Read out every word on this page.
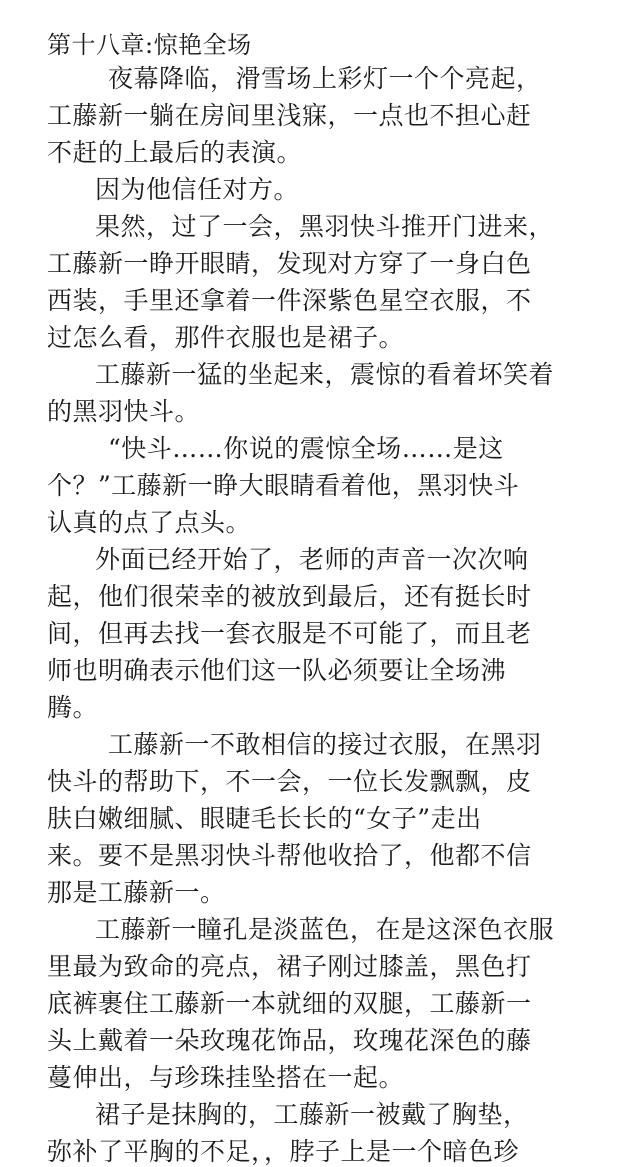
第十八章:惊艳全场
夜幕降临，滑雪场上彩灯一个个亮起，
工藤新一躺在房间里浅寐，一点也不担心赶
不赶的上最后的表演。
因为他信任对方。
果然，过了一会，黑羽快斗推开门进来，
工藤新一睁开眼睛，发现对方穿了一身白色
西装，手里还拿着一件深紫色星空衣服，不
过怎么看，那件衣服也是裙子。
工藤新一猛的坐起来，震惊的看着坏笑着
的黑羽快斗。
“快斗……你说的震惊全场……是这
个？”工藤新一睁大眼睛看着他，黑羽快斗
认真的点了点头。
外面已经开始了，老师的声音一次次响
起，他们很荣幸的被放到最后，还有挺长时
间，但再去找一套衣服是不可能了，而且老
师也明确表示他们这一队必须要让全场沸
腾。
工藤新一不敢相信的接过衣服，在黑羽
快斗的帮助下，不一会，一位长发飘飘，皮
肤白嫩细腻、眼睫毛长长的“女子”走出
来。要不是黑羽快斗帮他收拾了，他都不信
那是工藤新一。
工藤新一瞳孔是淡蓝色，在是这深色衣服
里最为致命的亮点，裙子刚过膝盖，黑色打
底裤裹住工藤新一本就细的双腿，工藤新一
头上戴着一朵玫瑰花饰品，玫瑰花深色的藤
蔓伸出，与珍珠挂坠搭在一起。
裙子是抹胸的，工藤新一被戴了胸垫，
弥补了平胸的不足，，脖子上是一个暗色珍
